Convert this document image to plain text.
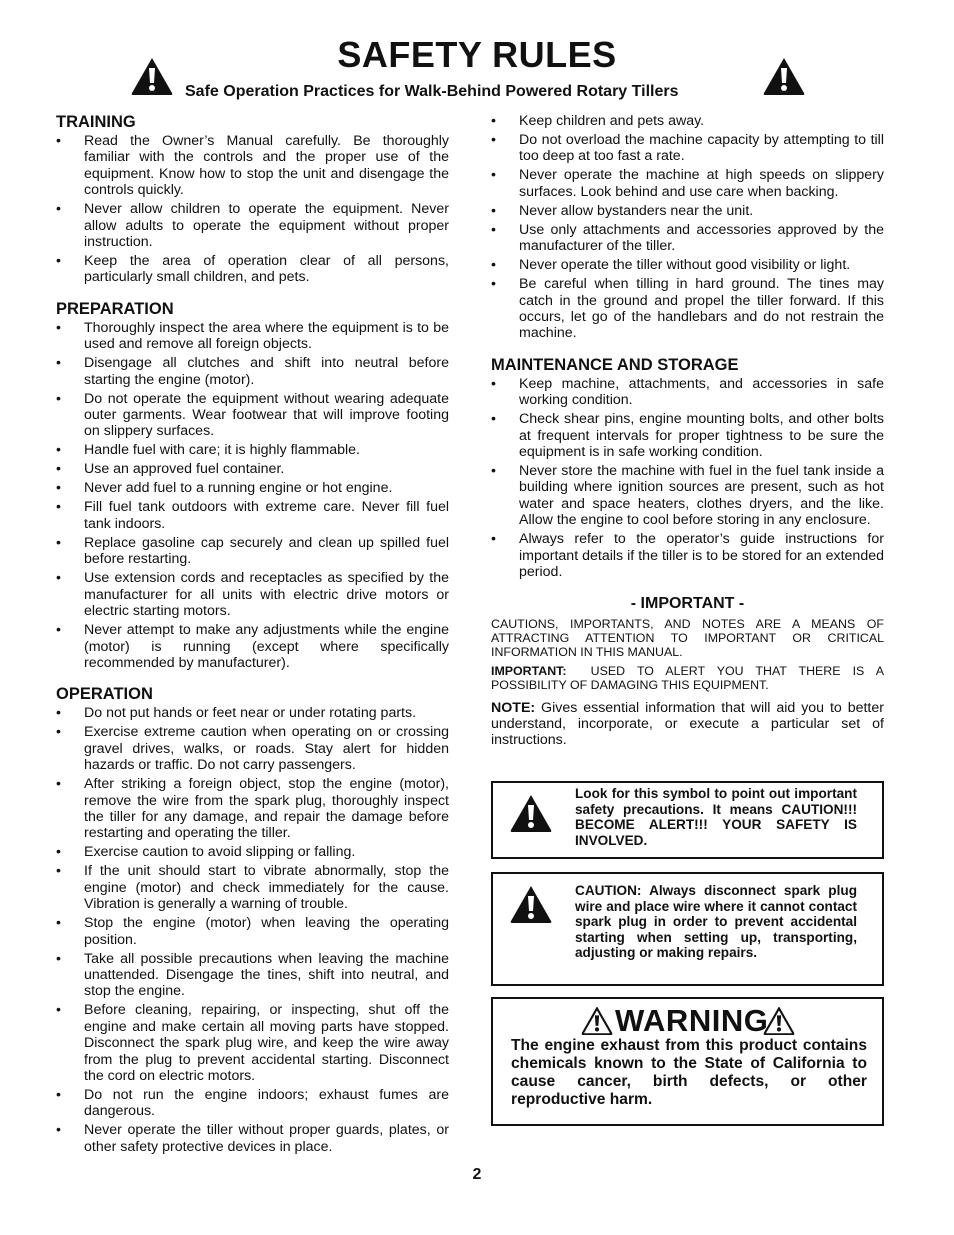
SAFETY RULES
Safe Operation Practices for Walk-Behind Powered Rotary Tillers
TRAINING
• Read the Owner’s Manual carefully. Be thoroughly familiar with the controls and the proper use of the equipment. Know how to stop the unit and disengage the controls quickly.
• Never allow children to operate the equipment. Never allow adults to operate the equipment without proper instruction.
• Keep the area of operation clear of all persons, particularly small children, and pets.
PREPARATION
• Thoroughly inspect the area where the equipment is to be used and remove all foreign objects.
• Disengage all clutches and shift into neutral before starting the engine (motor).
• Do not operate the equipment without wearing adequate outer garments. Wear footwear that will improve footing on slippery surfaces.
• Handle fuel with care; it is highly flammable.
• Use an approved fuel container.
• Never add fuel to a running engine or hot engine.
• Fill fuel tank outdoors with extreme care. Never fill fuel tank indoors.
• Replace gasoline cap securely and clean up spilled fuel before restarting.
• Use extension cords and receptacles as specified by the manufacturer for all units with electric drive motors or electric starting motors.
• Never attempt to make any adjustments while the engine (motor) is running (except where specifically recommended by manufacturer).
OPERATION
• Do not put hands or feet near or under rotating parts.
• Exercise extreme caution when operating on or crossing gravel drives, walks, or roads. Stay alert for hidden hazards or traffic. Do not carry passengers.
• After striking a foreign object, stop the engine (motor), remove the wire from the spark plug, thoroughly inspect the tiller for any damage, and repair the damage before restarting and operating the tiller.
• Exercise caution to avoid slipping or falling.
• If the unit should start to vibrate abnormally, stop the engine (motor) and check immediately for the cause. Vibration is generally a warning of trouble.
• Stop the engine (motor) when leaving the operating position.
• Take all possible precautions when leaving the machine unattended. Disengage the tines, shift into neutral, and stop the engine.
• Before cleaning, repairing, or inspecting, shut off the engine and make certain all moving parts have stopped. Disconnect the spark plug wire, and keep the wire away from the plug to prevent accidental starting. Disconnect the cord on electric motors.
• Do not run the engine indoors; exhaust fumes are dangerous.
• Never operate the tiller without proper guards, plates, or other safety protective devices in place.
• Keep children and pets away.
• Do not overload the machine capacity by attempting to till too deep at too fast a rate.
• Never operate the machine at high speeds on slippery surfaces. Look behind and use care when backing.
• Never allow bystanders near the unit.
• Use only attachments and accessories approved by the manufacturer of the tiller.
• Never operate the tiller without good visibility or light.
• Be careful when tilling in hard ground. The tines may catch in the ground and propel the tiller forward. If this occurs, let go of the handlebars and do not restrain the machine.
MAINTENANCE AND STORAGE
• Keep machine, attachments, and accessories in safe working condition.
• Check shear pins, engine mounting bolts, and other bolts at frequent intervals for proper tightness to be sure the equipment is in safe working condition.
• Never store the machine with fuel in the fuel tank inside a building where ignition sources are present, such as hot water and space heaters, clothes dryers, and the like. Allow the engine to cool before storing in any enclosure.
• Always refer to the operator’s guide instructions for important details if the tiller is to be stored for an extended period.
- IMPORTANT -

CAUTIONS, IMPORTANTS, AND NOTES ARE A MEANS OF ATTRACTING ATTENTION TO IMPORTANT OR CRITICAL INFORMATION IN THIS MANUAL.

IMPORTANT: USED TO ALERT YOU THAT THERE IS A POSSIBILITY OF DAMAGING THIS EQUIPMENT.

NOTE: Gives essential information that will aid you to better understand, incorporate, or execute a particular set of instructions.

Look for this symbol to point out important safety precautions. It means CAUTION!!! BECOME ALERT!!! YOUR SAFETY IS INVOLVED.
CAUTION: Always disconnect spark plug wire and place wire where it cannot contact spark plug in order to prevent accidental starting when setting up, transporting, adjusting or making repairs.
WARNING
The engine exhaust from this product contains chemicals known to the State of California to cause cancer, birth defects, or other reproductive harm.
2
